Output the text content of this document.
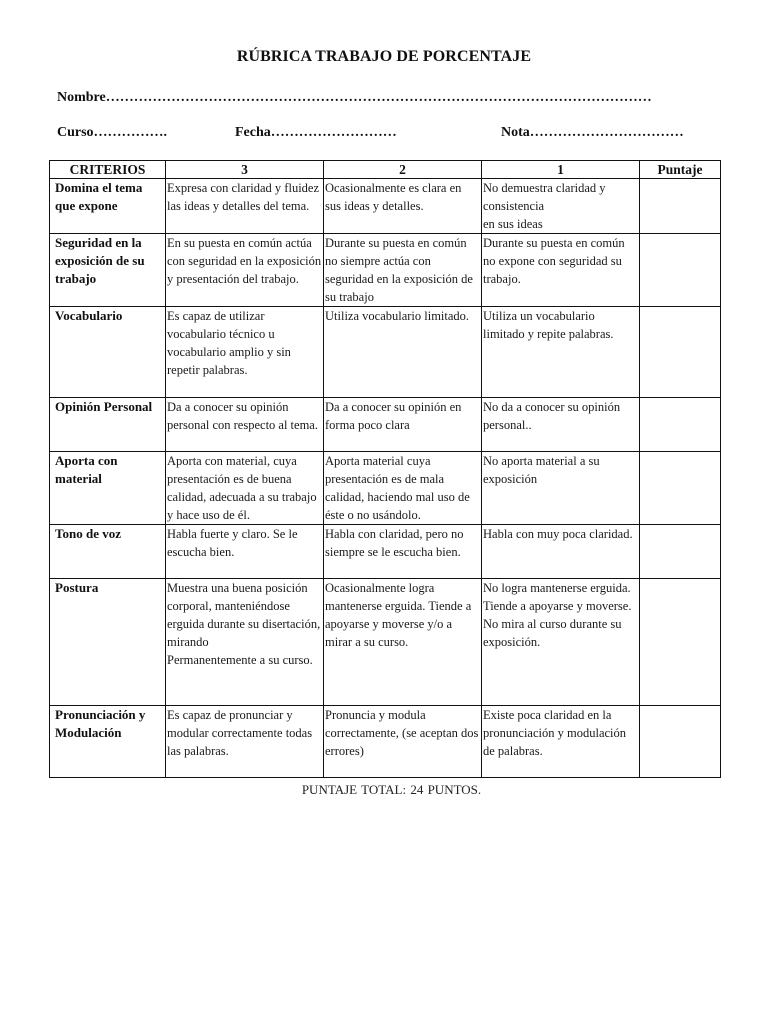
RÚBRICA TRABAJO DE PORCENTAJE
Nombre………………………………………………………………………………………………………
Curso…………….	Fecha………………………	Nota……………………………
CRITERIOS	3	2	1	Puntaje
Domina el tema que expone	Expresa con claridad y fluidez las ideas y detalles del tema.	Ocasionalmente es clara en sus ideas y detalles.	No demuestra claridad y consistencia
en sus ideas	
Seguridad en la exposición de su trabajo	En su puesta en común actúa con seguridad en la exposición y presentación del trabajo.	Durante su puesta en común no siempre actúa con seguridad en la exposición de su trabajo	Durante su puesta en común no expone con seguridad su trabajo.	
Vocabulario	Es capaz de utilizar vocabulario técnico u vocabulario amplio y sin repetir palabras.	Utiliza vocabulario limitado.	Utiliza un vocabulario limitado y repite palabras.	
Opinión Personal	Da a conocer su opinión personal con respecto al tema.	Da a conocer su opinión en forma poco clara	No da a conocer su opinión personal..	
Aporta con material	Aporta con material, cuya presentación es de buena calidad, adecuada a su trabajo y hace uso de él.	Aporta material cuya presentación es de mala calidad, haciendo mal uso de éste o no usándolo.	No aporta material a su exposición	
Tono de voz	Habla fuerte y claro. Se le escucha bien.	Habla con claridad, pero no siempre se le escucha bien.	Habla con muy poca claridad.	
Postura	Muestra una buena posición corporal, manteniéndose erguida durante su disertación, mirando
Permanentemente a su curso.	Ocasionalmente logra mantenerse erguida. Tiende a apoyarse y moverse y/o a mirar a su curso.	No logra mantenerse erguida. Tiende a apoyarse y moverse. No mira al curso durante su exposición.	
Pronunciación y Modulación	Es capaz de pronunciar y modular correctamente todas las palabras.	Pronuncia y modula correctamente, (se aceptan dos errores)	Existe poca claridad en la pronunciación y modulación de palabras.	
PUNTAJE TOTAL: 24 PUNTOS.
